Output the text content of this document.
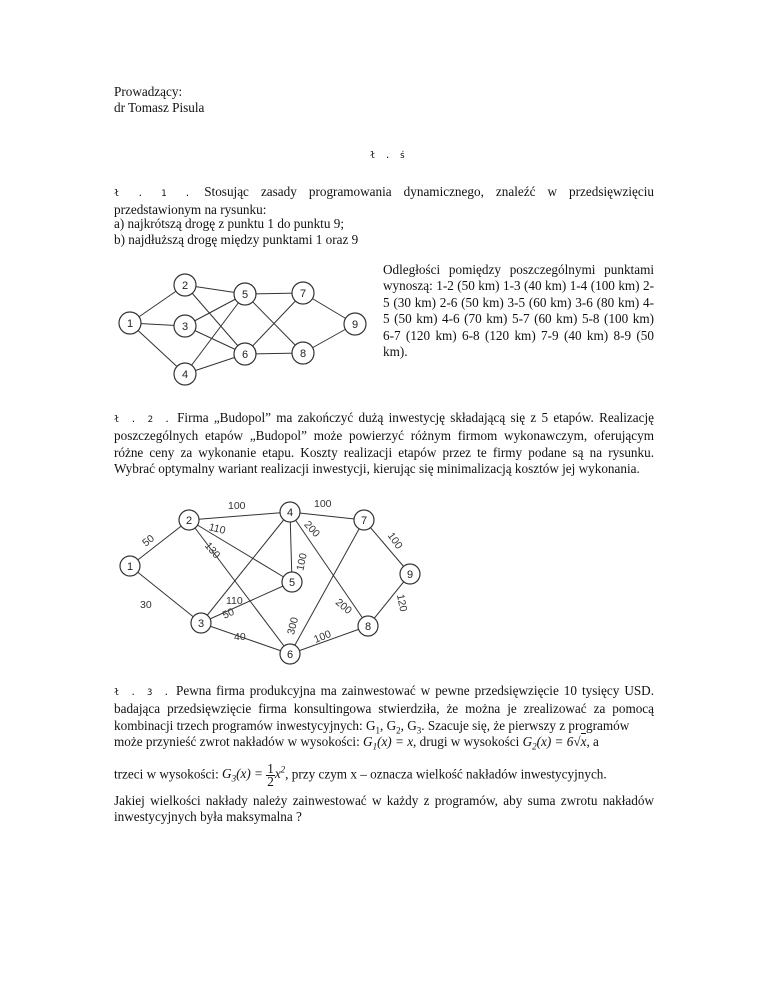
Prowadzący:
dr Tomasz Pisula
ł . ś
ł . 1 . Stosując zasady programowania dynamicznego, znaleźć w przedsięwzięciu przedstawionym na rysunku:
a) najkrótszą drogę z punktu 1 do punktu 9;
b) najdłuższą drogę między punktami 1 oraz 9
1
2
3
4
5
6
7
8
9
Odległości pomiędzy poszczególnymi punktami wynoszą: 1-2 (50 km) 1-3 (40 km) 1-4 (100 km) 2-5 (30 km) 2-6 (50 km) 3-5 (60 km) 3-6 (80 km) 4-5 (50 km) 4-6 (70 km) 5-7 (60 km) 5-8 (100 km) 6-7 (120 km) 6-8 (120 km) 7-9 (40 km) 8-9 (50 km).
ł . 2 . Firma „Budopol” ma zakończyć dużą inwestycję składającą się z 5 etapów. Realizację poszczególnych etapów „Budopol” może powierzyć różnym firmom wykonawczym, oferującym różne ceny za wykonanie etapu. Koszty realizacji etapów przez te firmy podane są na rysunku. Wybrać optymalny wariant realizacji inwestycji, kierując się minimalizacją kosztów jej wykonania.
1
2
3
4
5
6
7
8
9
100	100
50
110
130
200
100
110
50
30
40
300
200
100
100
120
ł . 3 . Pewna firma produkcyjna ma zainwestować w pewne przedsięwzięcie 10 tysięcy USD. badająca przedsięwzięcie firma konsultingowa stwierdziła, że można je zrealizować za pomocą kombinacji trzech programów inwestycyjnych: $G_1$, $G_2$, $G_3$. Szacuje się, że pierwszy z programów
może przynieść zwrot nakładów w wysokości: $G_1(x) = x$, drugi w wysokości $G_2(x) = 6√x$, a
trzeci w wysokości: $G_3(x) = \frac{1}{2} x^2$, przy czym x – oznacza wielkość nakładów inwestycyjnych.
Jakiej wielkości nakłady należy zainwestować w każdy z programów, aby suma zwrotu nakładów inwestycyjnych była maksymalna ?
